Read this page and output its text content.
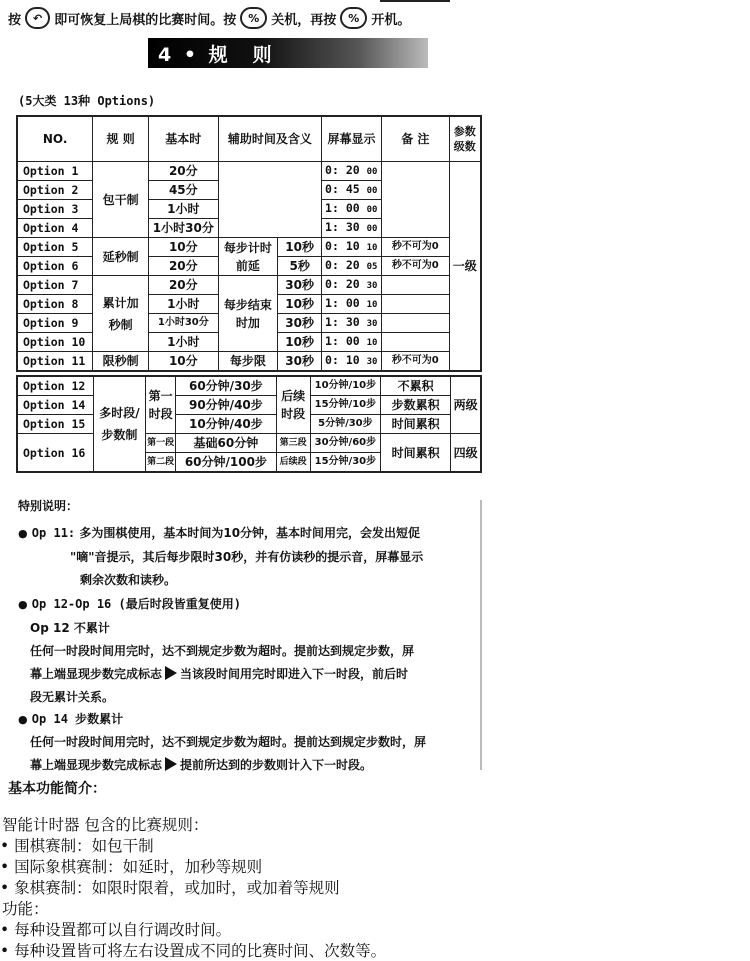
按	↶ 即可恢复上局棋的比赛时间。按	% 关机，再按	% 开机。
4 • 规　则
(5大类 13种 Options)
NO.	规 则	基本时	辅助时间及含义		屏幕显示	备 注	参数级数
Option 1	包干制	20分			0: 20 00		一级
Option 2		45分			0: 45 00		
Option 3		1小时			1: 00 00		
Option 4		1小时30分			1: 30 00		
Option 5	延秒制	10分	每步计时前延	10秒	0: 10 10	秒不可为0	
Option 6		20分		5秒	0: 20 05	秒不可为0	
Option 7	累计加秒制	20分	每步结束时加	30秒	0: 20 30		
Option 8		1小时		10秒	1: 00 10		
Option 9		1小时30分		30秒	1: 30 30		
Option 10		1小时		10秒	1: 00 10		
Option 11	限秒制	10分	每步限	30秒	0: 10 30	秒不可为0	
Option 12	多时段/步数制	第一时段	60分钟/30步	后续时段	10分钟/10步	不累积	两级
Option 14			90分钟/40步		15分钟/10步	步数累积	
Option 15			10分钟/40步		5分钟/30步	时间累积	
Option 16		第一段	基础60分钟	第三段	30分钟/60步	时间累积	四级
		第二段	60分钟/100步	后续段	15分钟/30步		
特别说明：
● Op 11: 多为围棋使用，基本时间为10分钟，基本时间用完，会发出短促
"嘀"音提示，其后每步限时30秒，并有仿读秒的提示音，屏幕显示
剩余次数和读秒。
● Op 12-Op 16 (最后时段皆重复使用)
Op 12 不累计
任何一时段时间用完时，达不到规定步数为超时。提前达到规定步数，屏
幕上端显现步数完成标志 当该段时间用完时即进入下一时段，前后时
段无累计关系。
● Op 14 步数累计
任何一时段时间用完时，达不到规定步数为超时。提前达到规定步数时，屏
幕上端显现步数完成标志 提前所达到的步数则计入下一时段。
基本功能简介：
智能计时器 包含的比赛规则：
• 围棋赛制：如包干制
• 国际象棋赛制：如延时，加秒等规则
• 象棋赛制：如限时限着，或加时，或加着等规则
功能：
• 每种设置都可以自行调改时间。
• 每种设置皆可将左右设置成不同的比赛时间、次数等。
